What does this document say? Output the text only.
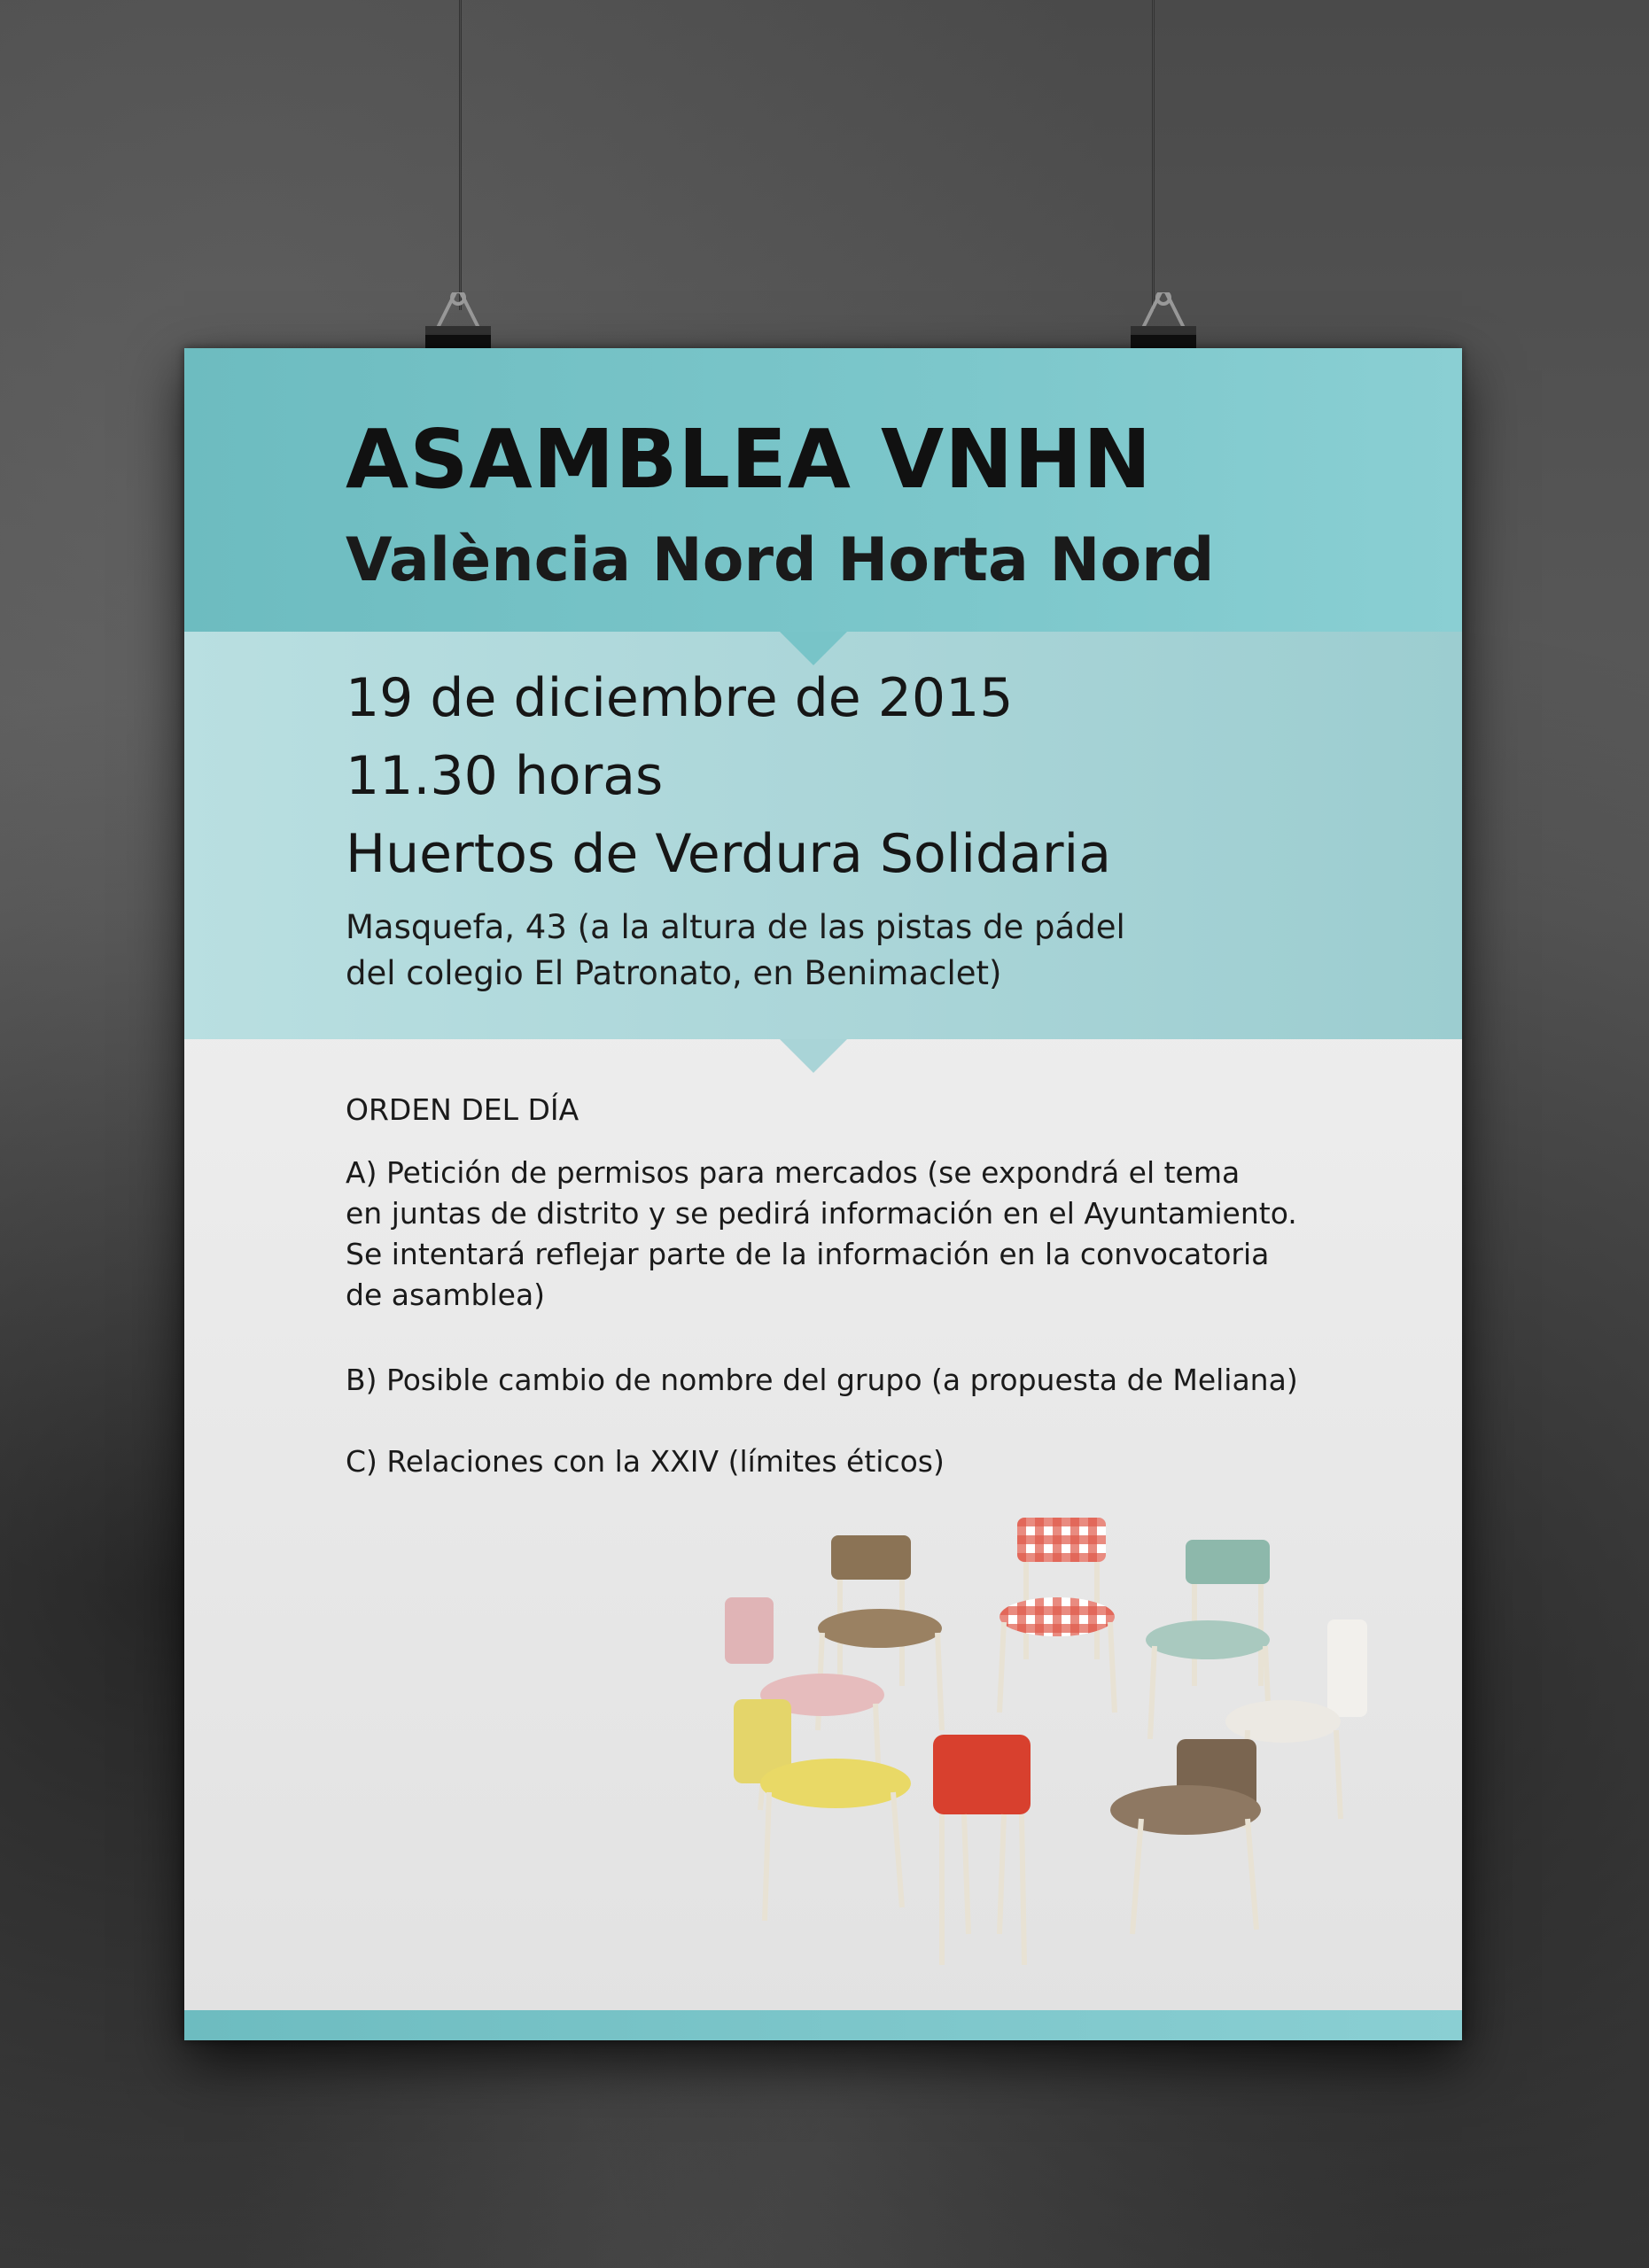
ASAMBLEA VNHN
València Nord Horta Nord

19 de diciembre de 2015

11.30 horas

Huertos de Verdura Solidaria

Masquefa, 43 (a la altura de las pistas de pádel

del colegio El Patronato, en Benimaclet)

ORDEN DEL DÍA

A) Petición de permisos para mercados (se expondrá el tema
en juntas de distrito y se pedirá información en el Ayuntamiento.
Se intentará reflejar parte de la información en la convocatoria
de asamblea)
B) Posible cambio de nombre del grupo (a propuesta de Meliana)
C) Relaciones con la XXIV (límites éticos)
